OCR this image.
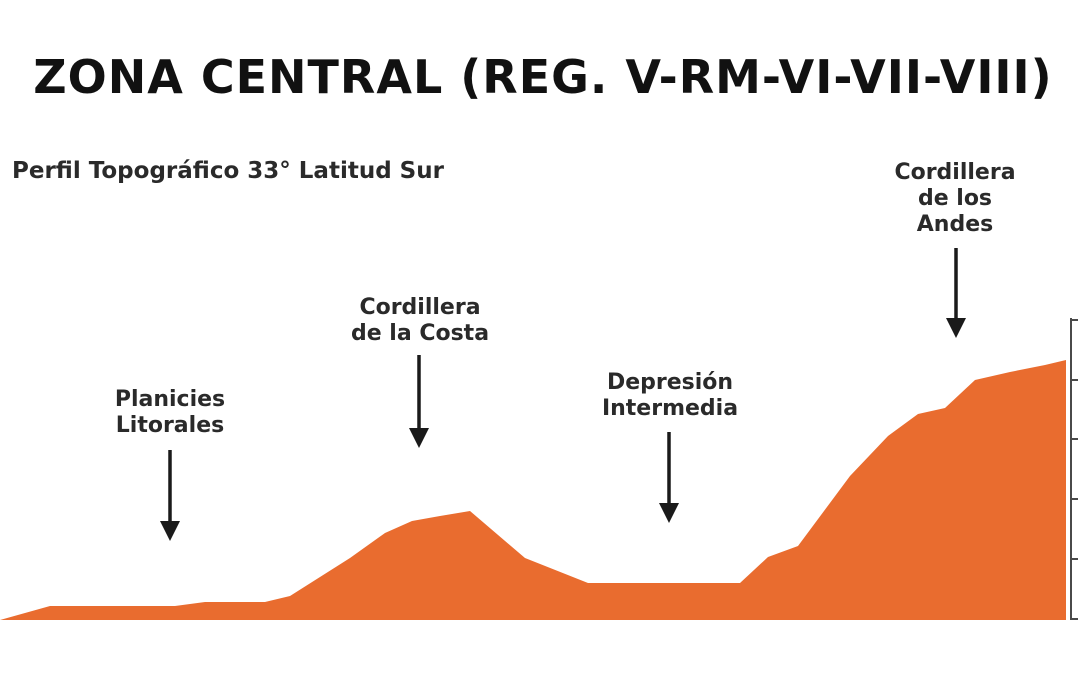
ZONA CENTRAL (REG. V-RM-VI-VII-VIII)
Perfil Topográfico 33° Latitud Sur
Planicies
Litorales
Cordillera
de la Costa
Depresión
Intermedia
Cordillera
de los
Andes
